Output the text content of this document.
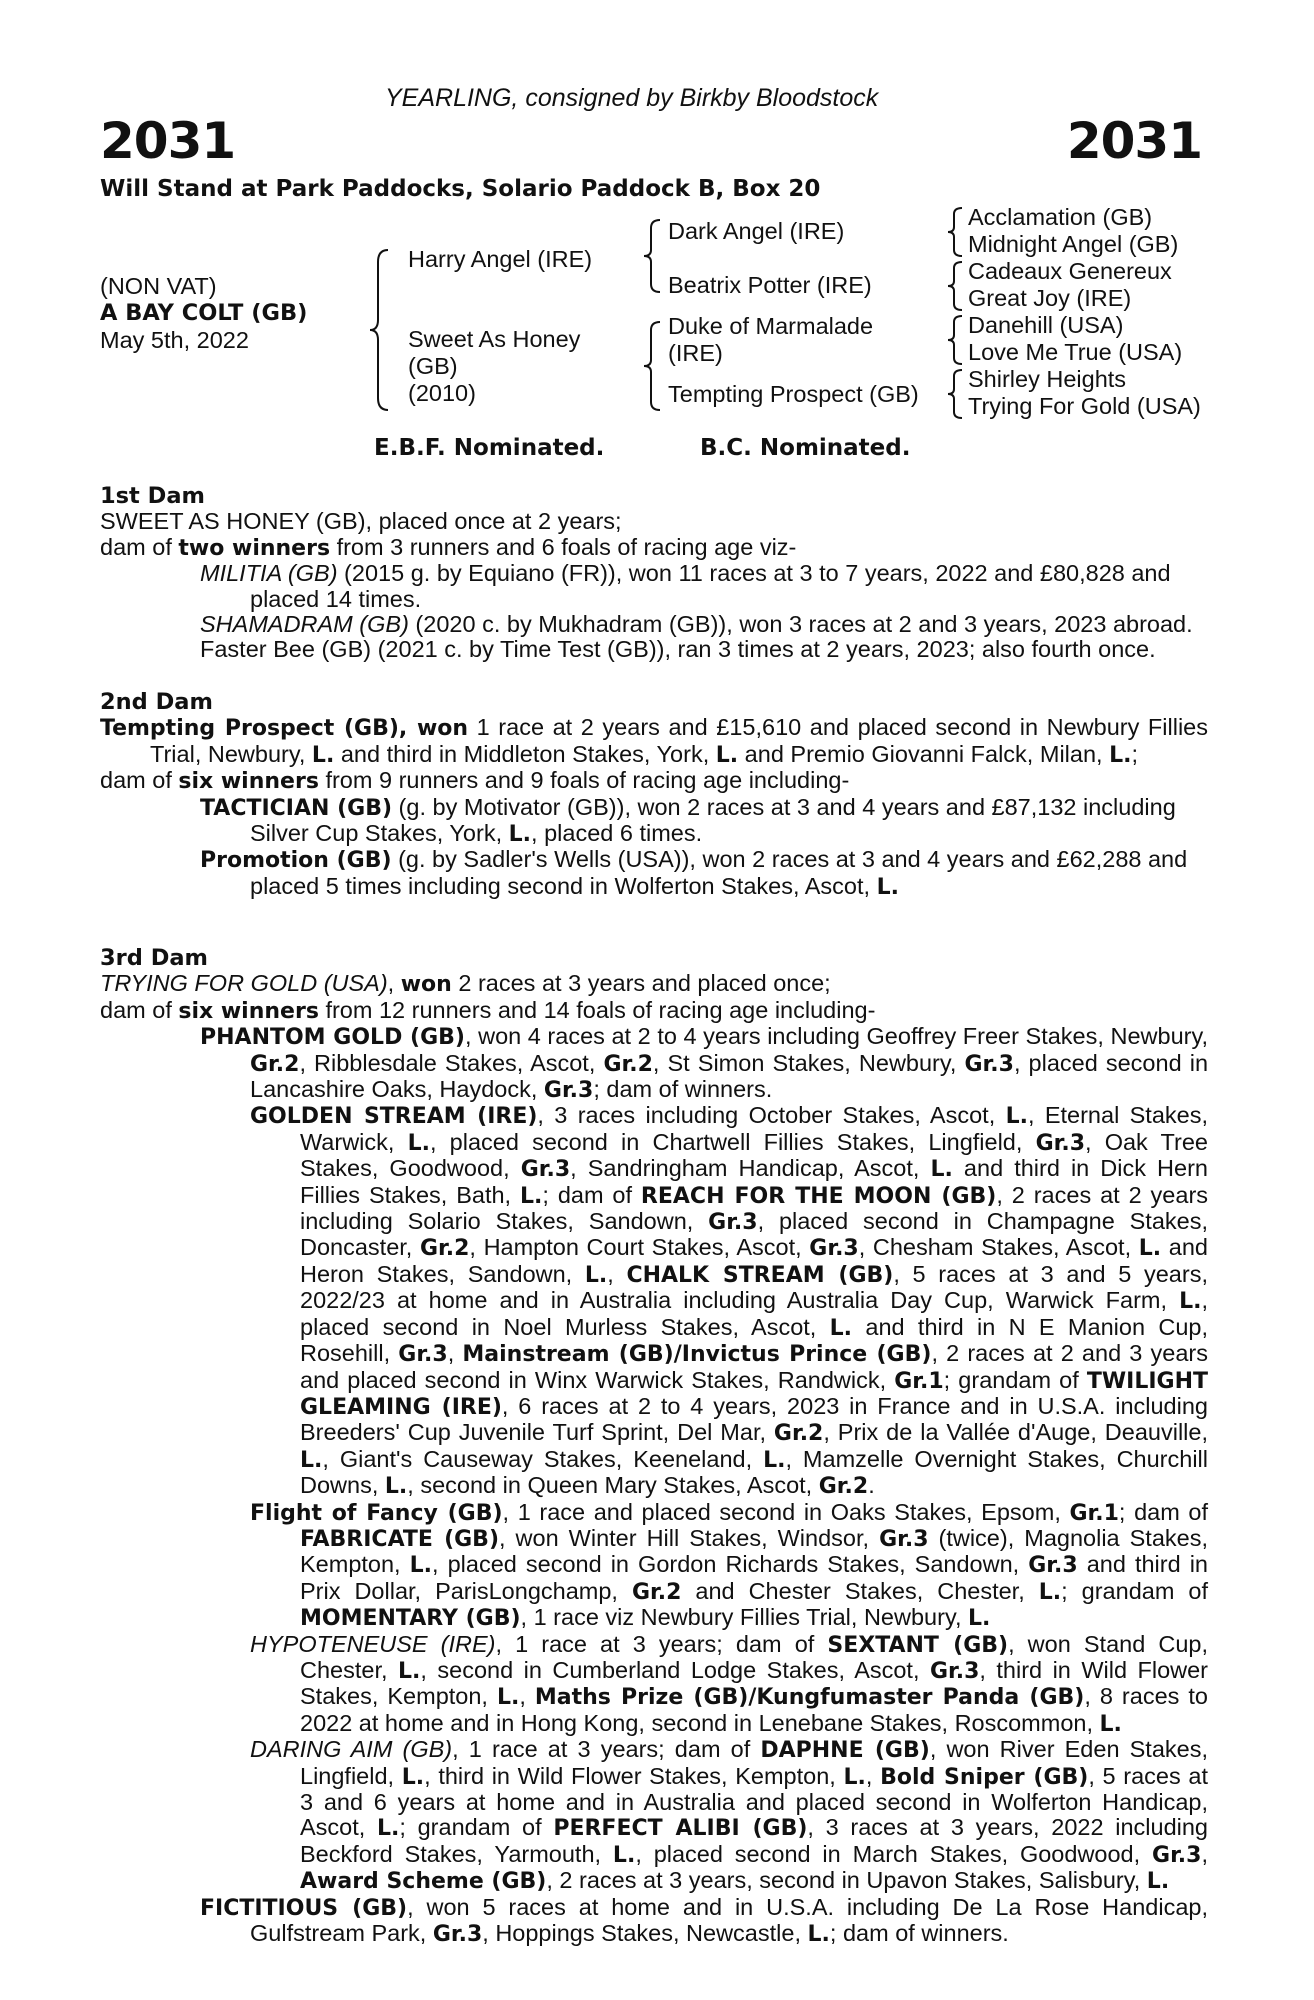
YEARLING, consigned by Birkby Bloodstock
2031	2031
Will Stand at Park Paddocks, Solario Paddock B, Box 20
(NON VAT)
A BAY COLT (GB)
May 5th, 2022
Harry Angel (IRE)
Sweet As Honey
(GB)
(2010)
Dark Angel (IRE)
Beatrix Potter (IRE)
Duke of Marmalade
(IRE)
Tempting Prospect (GB)
Acclamation (GB)
Midnight Angel (GB)
Cadeaux Genereux
Great Joy (IRE)
Danehill (USA)
Love Me True (USA)
Shirley Heights
Trying For Gold (USA)
E.B.F. Nominated.	B.C. Nominated.

1st Dam

SWEET AS HONEY (GB), placed once at 2 years;

dam of two winners from 3 runners and 6 foals of racing age viz-

MILITIA (GB) (2015 g. by Equiano (FR)), won 11 races at 3 to 7 years, 2022 and £80,828 and placed 14 times.

SHAMADRAM (GB) (2020 c. by Mukhadram (GB)), won 3 races at 2 and 3 years, 2023 abroad.

Faster Bee (GB) (2021 c. by Time Test (GB)), ran 3 times at 2 years, 2023; also fourth once.

2nd Dam

Tempting Prospect (GB), won 1 race at 2 years and £15,610 and placed second in Newbury Fillies Trial, Newbury, L. and third in Middleton Stakes, York, L. and Premio Giovanni Falck, Milan, L.;

dam of six winners from 9 runners and 9 foals of racing age including-

TACTICIAN (GB) (g. by Motivator (GB)), won 2 races at 3 and 4 years and £87,132 including Silver Cup Stakes, York, L., placed 6 times.

Promotion (GB) (g. by Sadler's Wells (USA)), won 2 races at 3 and 4 years and £62,288 and placed 5 times including second in Wolferton Stakes, Ascot, L.

3rd Dam

TRYING FOR GOLD (USA), won 2 races at 3 years and placed once;

dam of six winners from 12 runners and 14 foals of racing age including-

PHANTOM GOLD (GB), won 4 races at 2 to 4 years including Geoffrey Freer Stakes, Newbury, Gr.2, Ribblesdale Stakes, Ascot, Gr.2, St Simon Stakes, Newbury, Gr.3, placed second in Lancashire Oaks, Haydock, Gr.3; dam of winners.

GOLDEN STREAM (IRE), 3 races including October Stakes, Ascot, L., Eternal Stakes, Warwick, L., placed second in Chartwell Fillies Stakes, Lingfield, Gr.3, Oak Tree Stakes, Goodwood, Gr.3, Sandringham Handicap, Ascot, L. and third in Dick Hern Fillies Stakes, Bath, L.; dam of REACH FOR THE MOON (GB), 2 races at 2 years including Solario Stakes, Sandown, Gr.3, placed second in Champagne Stakes, Doncaster, Gr.2, Hampton Court Stakes, Ascot, Gr.3, Chesham Stakes, Ascot, L. and Heron Stakes, Sandown, L., CHALK STREAM (GB), 5 races at 3 and 5 years, 2022/23 at home and in Australia including Australia Day Cup, Warwick Farm, L., placed second in Noel Murless Stakes, Ascot, L. and third in N E Manion Cup, Rosehill, Gr.3, Mainstream (GB)/Invictus Prince (GB), 2 races at 2 and 3 years and placed second in Winx Warwick Stakes, Randwick, Gr.1; grandam of TWILIGHT GLEAMING (IRE), 6 races at 2 to 4 years, 2023 in France and in U.S.A. including Breeders' Cup Juvenile Turf Sprint, Del Mar, Gr.2, Prix de la Vallée d'Auge, Deauville, L., Giant's Causeway Stakes, Keeneland, L., Mamzelle Overnight Stakes, Churchill Downs, L., second in Queen Mary Stakes, Ascot, Gr.2.

Flight of Fancy (GB), 1 race and placed second in Oaks Stakes, Epsom, Gr.1; dam of FABRICATE (GB), won Winter Hill Stakes, Windsor, Gr.3 (twice), Magnolia Stakes, Kempton, L., placed second in Gordon Richards Stakes, Sandown, Gr.3 and third in Prix Dollar, ParisLongchamp, Gr.2 and Chester Stakes, Chester, L.; grandam of MOMENTARY (GB), 1 race viz Newbury Fillies Trial, Newbury, L.

HYPOTENEUSE (IRE), 1 race at 3 years; dam of SEXTANT (GB), won Stand Cup, Chester, L., second in Cumberland Lodge Stakes, Ascot, Gr.3, third in Wild Flower Stakes, Kempton, L., Maths Prize (GB)/Kungfumaster Panda (GB), 8 races to 2022 at home and in Hong Kong, second in Lenebane Stakes, Roscommon, L.

DARING AIM (GB), 1 race at 3 years; dam of DAPHNE (GB), won River Eden Stakes, Lingfield, L., third in Wild Flower Stakes, Kempton, L., Bold Sniper (GB), 5 races at 3 and 6 years at home and in Australia and placed second in Wolferton Handicap, Ascot, L.; grandam of PERFECT ALIBI (GB), 3 races at 3 years, 2022 including Beckford Stakes, Yarmouth, L., placed second in March Stakes, Goodwood, Gr.3, Award Scheme (GB), 2 races at 3 years, second in Upavon Stakes, Salisbury, L.

FICTITIOUS (GB), won 5 races at home and in U.S.A. including De La Rose Handicap, Gulfstream Park, Gr.3, Hoppings Stakes, Newcastle, L.; dam of winners.
